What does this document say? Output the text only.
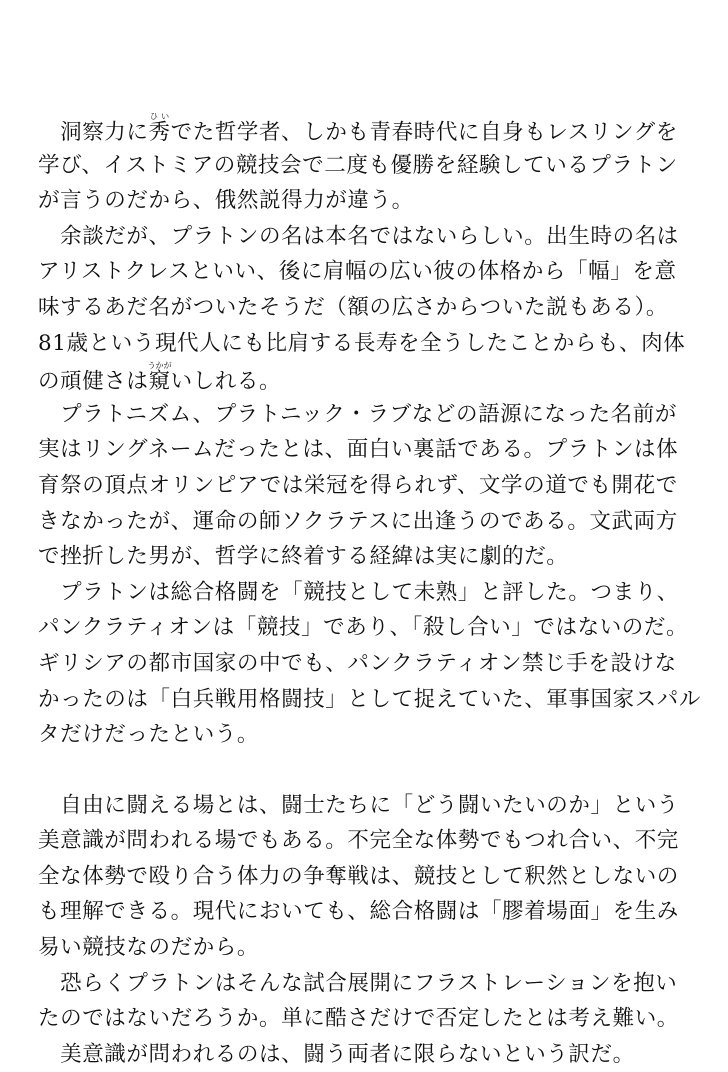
　洞察力に秀ひいでた哲学者、しかも青春時代に自身もレスリングを
学び、イストミアの競技会で二度も優勝を経験しているプラトン
が言うのだから、俄然説得力が違う。
　余談だが、プラトンの名は本名ではないらしい。出生時の名は
アリストクレスといい、後に肩幅の広い彼の体格から「幅」を意
味するあだ名がついたそうだ（額の広さからついた説もある）。
81歳という現代人にも比肩する長寿を全うしたことからも、肉体
の頑健さは窺うかがいしれる。
　プラトニズム、プラトニック・ラブなどの語源になった名前が
実はリングネームだったとは、面白い裏話である。プラトンは体
育祭の頂点オリンピアでは栄冠を得られず、文学の道でも開花で
きなかったが、運命の師ソクラテスに出逢うのである。文武両方
で挫折した男が、哲学に終着する経緯は実に劇的だ。
　プラトンは総合格闘を「競技として未熟」と評した。つまり、
パンクラティオンは「競技」であり、「殺し合い」ではないのだ。
ギリシアの都市国家の中でも、パンクラティオン禁じ手を設けな
かったのは「白兵戦用格闘技」として捉えていた、軍事国家スパル
タだけだったという。
　自由に闘える場とは、闘士たちに「どう闘いたいのか」という
美意識が問われる場でもある。不完全な体勢でもつれ合い、不完
全な体勢で殴り合う体力の争奪戦は、競技として釈然としないの
も理解できる。現代においても、総合格闘は「膠着場面」を生み
易い競技なのだから。
　恐らくプラトンはそんな試合展開にフラストレーションを抱い
たのではないだろうか。単に酷さだけで否定したとは考え難い。
　美意識が問われるのは、闘う両者に限らないという訳だ。
